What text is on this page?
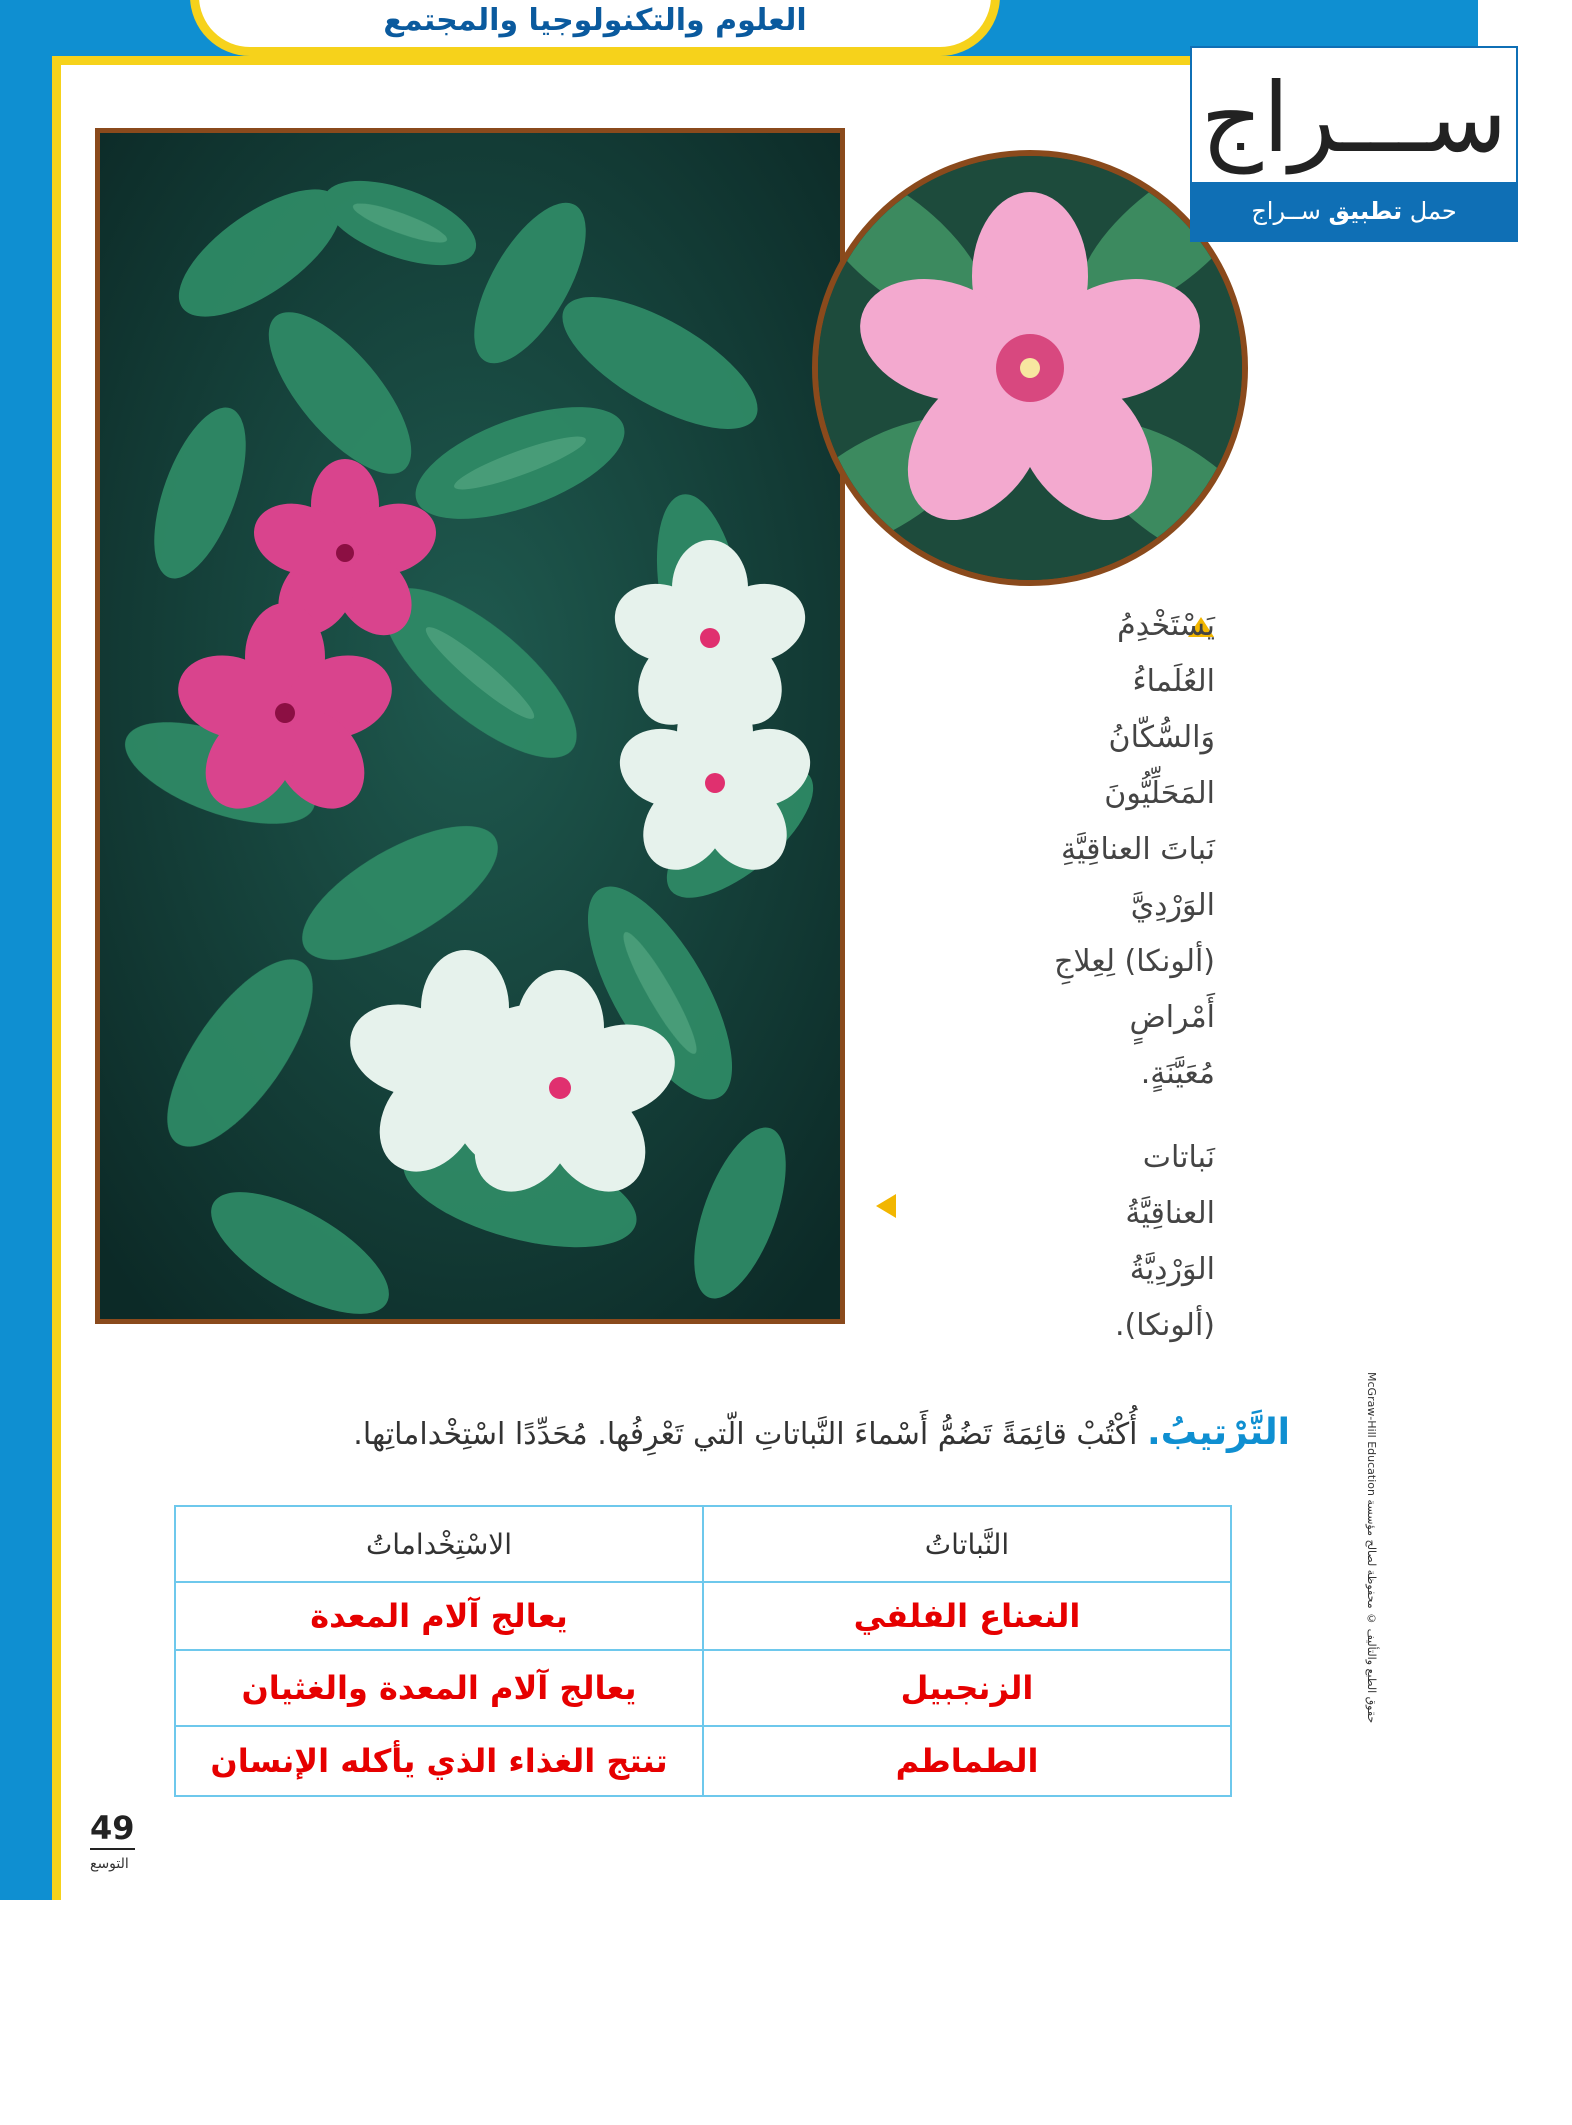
العلوم والتكنولوجيا والمجتمع
ســـراج
حمل تطبيق ســراج
يَسْتَخْدِمُ العُلَماءُ وَالسُّكّانُ المَحَلِّيُّونَ نَباتَ العناقِيَّةِ الوَرْدِيَّ (ألونكا) لِعِلاجِ أَمْراضٍ مُعَيَّنَةٍ.
نَباتات العناقِيَّةُ الوَرْدِيَّةُ (ألونكا).
McGraw-Hill Education حقوق الطبع والتأليف © محفوظة لصالح مؤسسة
التَّرْتيبُ. أُكْتُبْ قائِمَةً تَضُمُّ أَسْماءَ النَّباتاتِ الّتي تَعْرِفُها. مُحَدِّدًا اسْتِخْداماتِها.
النَّباتاتُ	الاسْتِخْداماتُ
النعناع الفلفي	يعالج آلام المعدة
الزنجبيل	يعالج آلام المعدة والغثيان
الطماطم	تنتج الغذاء الذي يأكله الإنسان
49
التوسع
